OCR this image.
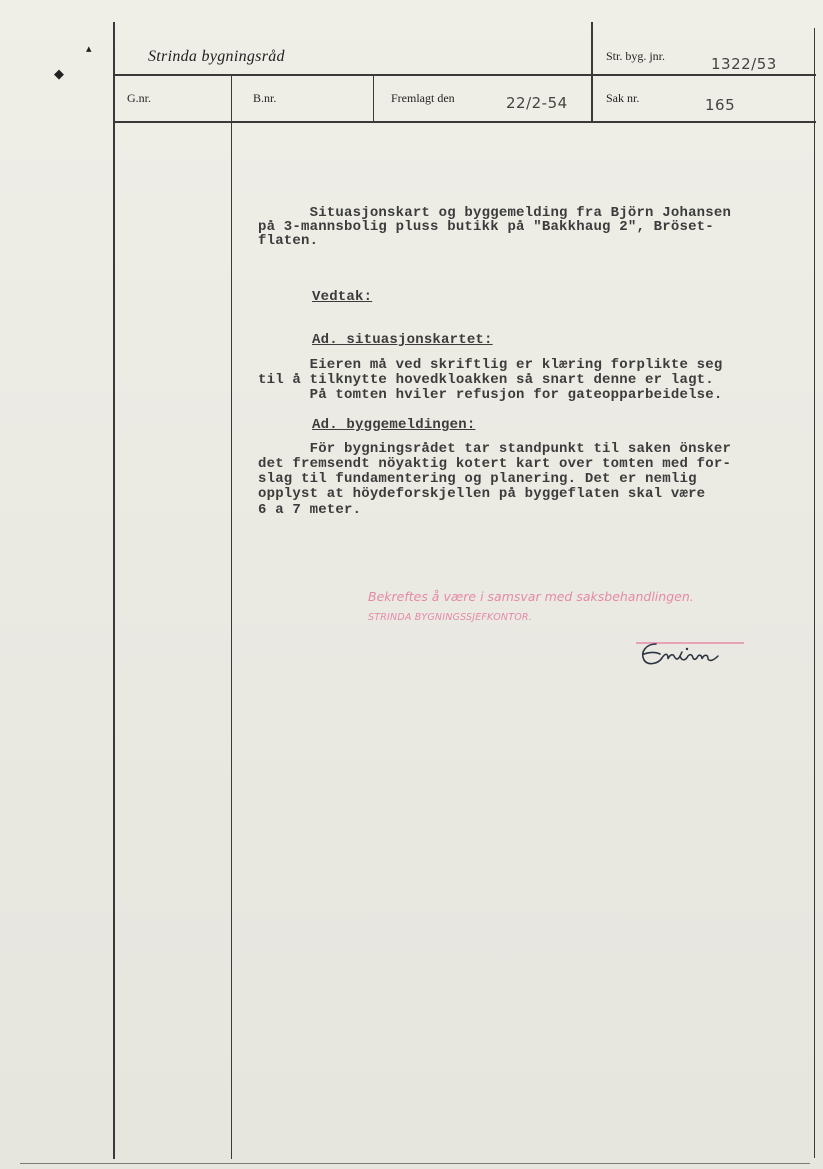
▴
◆
Strinda bygningsråd	Str. byg. jnr.	1322/53
G.nr.	B.nr.	Fremlagt den	22/2-54	Sak nr.	165
Situasjonskart og byggemelding fra Björn Johansen
på 3-mannsbolig pluss butikk på "Bakkhaug 2", Bröset-
flaten.
Vedtak:
Ad. situasjonskartet:
Eieren må ved skriftlig er klæring forplikte seg
til å tilknytte hovedkloakken så snart denne er lagt.
På tomten hviler refusjon for gateopparbeidelse.
Ad. byggemeldingen:
För bygningsrådet tar standpunkt til saken önsker
det fremsendt nöyaktig kotert kart over tomten med for-
slag til fundamentering og planering. Det er nemlig
opplyst at höydeforskjellen på byggeflaten skal være
6 a 7 meter.
Bekreftes å være i samsvar med saksbehandlingen.
STRINDA BYGNINGSSJEFKONTOR.
